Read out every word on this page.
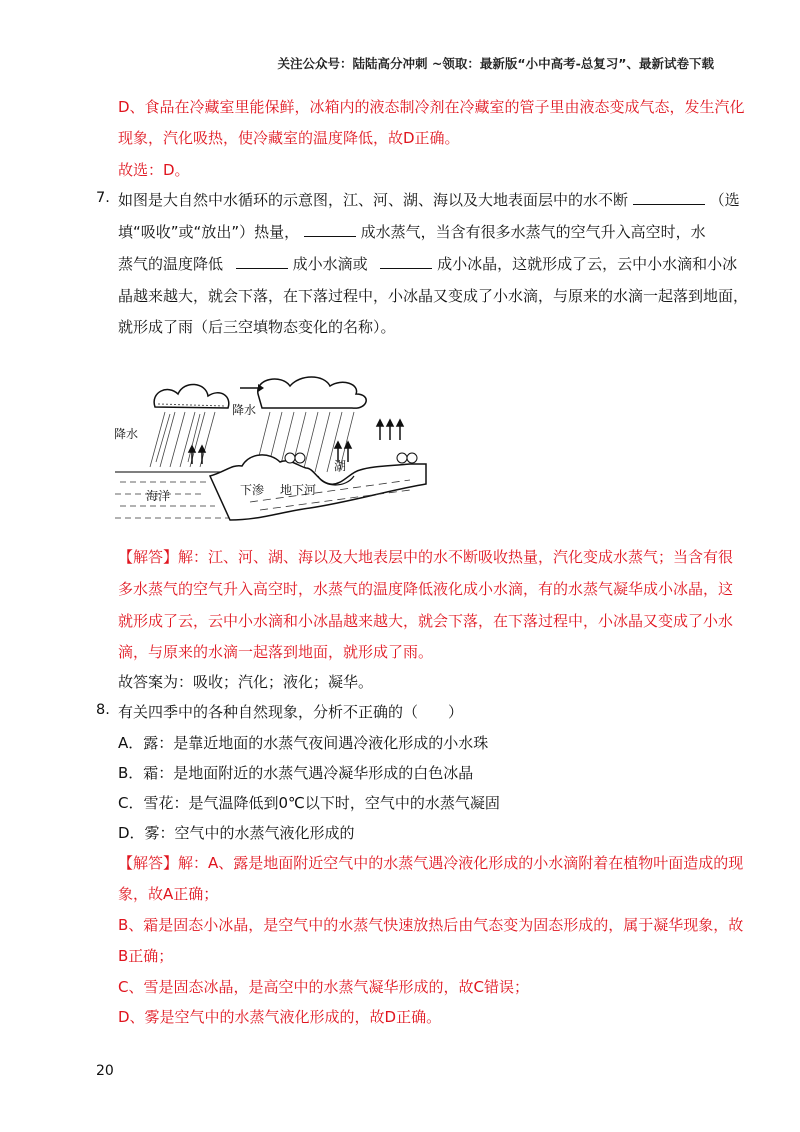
关注公众号：陆陆高分冲刺 ~领取：最新版“小中高考-总复习”、最新试卷下载
D、食品在冷藏室里能保鲜，冰箱内的液态制冷剂在冷藏室的管子里由液态变成气态，发生汽化
现象，汽化吸热，使冷藏室的温度降低，故D正确。
故选：D。
7. 如图是大自然中水循环的示意图，江、河、湖、海以及大地表面层中的水不断	（选
填“吸收”或“放出”）热量，	成水蒸气，当含有很多水蒸气的空气升入高空时，水
蒸气的温度降低	成小水滴或	成小冰晶，这就形成了云，云中小水滴和小冰
晶越来越大，就会下落，在下落过程中，小冰晶又变成了小水滴，与原来的水滴一起落到地面，
就形成了雨（后三空填物态变化的名称）。
降水
降水
海洋
湖
下渗 地下河
【解答】解：江、河、湖、海以及大地表层中的水不断吸收热量，汽化变成水蒸气；当含有很
多水蒸气的空气升入高空时，水蒸气的温度降低液化成小水滴，有的水蒸气凝华成小冰晶，这
就形成了云，云中小水滴和小冰晶越来越大，就会下落，在下落过程中，小冰晶又变成了小水
滴，与原来的水滴一起落到地面，就形成了雨。
故答案为：吸收；汽化；液化；凝华。
8. 有关四季中的各种自然现象，分析不正确的（　　）
A．露：是靠近地面的水蒸气夜间遇冷液化形成的小水珠
B．霜：是地面附近的水蒸气遇冷凝华形成的白色冰晶
C．雪花：是气温降低到0℃以下时，空气中的水蒸气凝固
D．雾：空气中的水蒸气液化形成的
【解答】解：A、露是地面附近空气中的水蒸气遇冷液化形成的小水滴附着在植物叶面造成的现
象，故A正确；
B、霜是固态小冰晶，是空气中的水蒸气快速放热后由气态变为固态形成的，属于凝华现象，故
B正确；
C、雪是固态冰晶，是高空中的水蒸气凝华形成的，故C错误；
D、雾是空气中的水蒸气液化形成的，故D正确。
20
